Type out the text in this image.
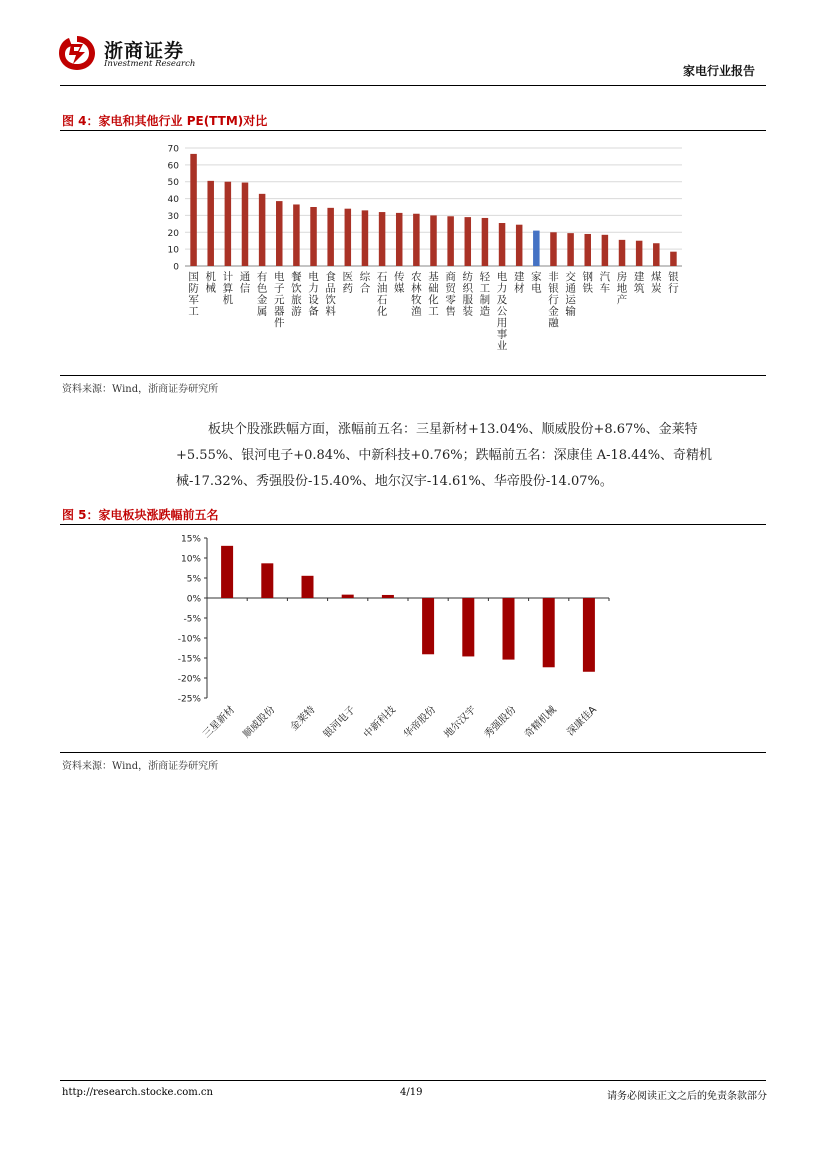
浙商证券
Investment Research	家电行业报告
图 4：家电和其他行业 PE(TTM)对比
0
10
20
30
40
50
60
70
国防军工
机械
计算机
通信
有色金属
电子元器件
餐饮旅游
电力设备
食品饮料
医药
综合
石油石化
传媒
农林牧渔
基础化工
商贸零售
纺织服装
轻工制造
电力及公用事业
建材
家电
非银行金融
交通运输
钢铁
汽车
房地产
建筑
煤炭
银行
资料来源：Wind，浙商证券研究所

板块个股涨跌幅方面，涨幅前五名：三星新材+13.04%、顺威股份+8.67%、金莱特+5.55%、银河电子+0.84%、中新科技+0.76%；跌幅前五名：深康佳 A-18.44%、奇精机械-17.32%、秀强股份-15.40%、地尔汉宇-14.61%、华帝股份-14.07%。

图 5：家电板块涨跌幅前五名
15%
10%
5%
0%
-5%
-10%
-15%
-20%
-25%
三星新材 顺威股份 金莱特 银河电子 中新科技 华帝股份 地尔汉宇 秀强股份 奇精机械 深康佳A
资料来源：Wind，浙商证券研究所
http://research.stocke.com.cn	4/19	请务必阅读正文之后的免责条款部分
